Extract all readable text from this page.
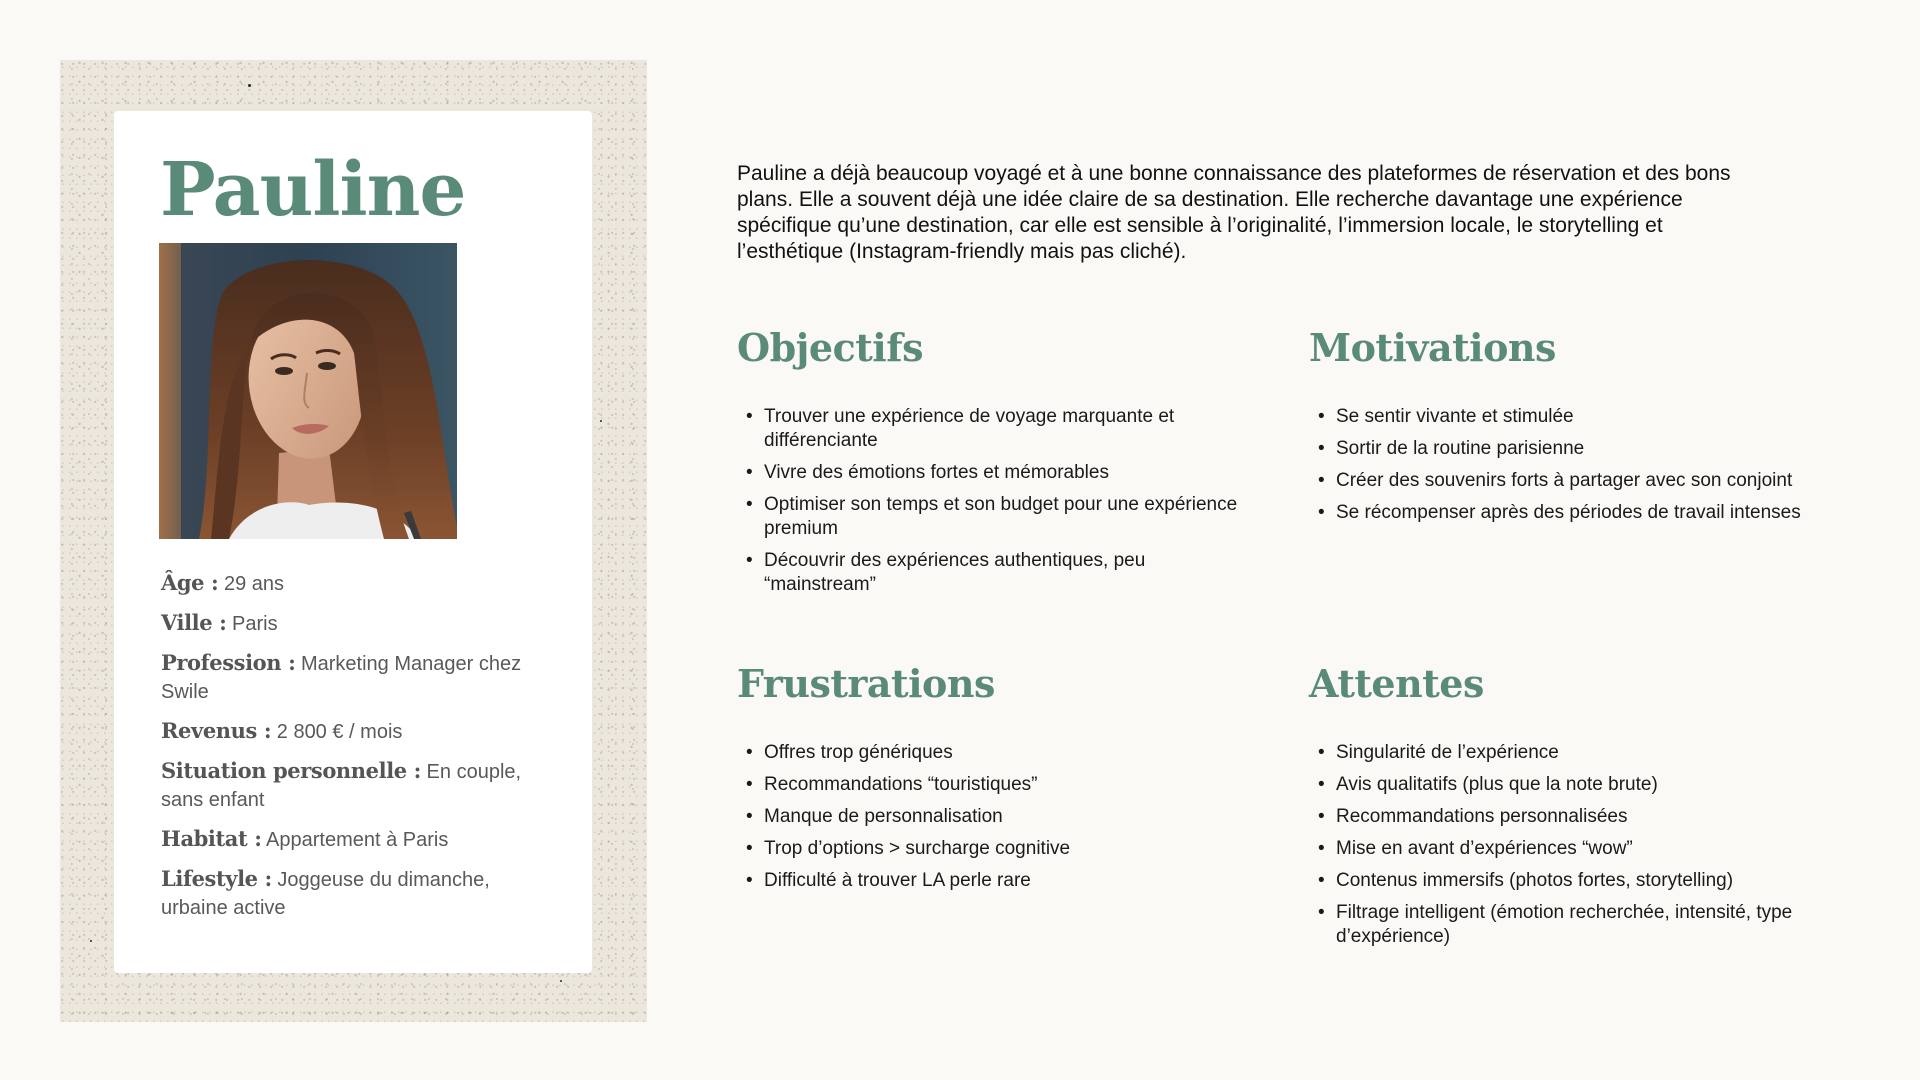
Pauline
Âge : 29 ans
Ville : Paris
Profession : Marketing Manager chez Swile
Revenus : 2 800 € / mois
Situation personnelle : En couple, sans enfant
Habitat : Appartement à Paris
Lifestyle : Joggeuse du dimanche, urbaine active

Pauline a déjà beaucoup voyagé et à une bonne connaissance des plateformes de réservation et des bons plans. Elle a souvent déjà une idée claire de sa destination. Elle recherche davantage une expérience spécifique qu’une destination, car elle est sensible à l’originalité, l’immersion locale, le storytelling et l’esthétique (Instagram-friendly mais pas cliché).

Objectifs
• Trouver une expérience de voyage marquante et différenciante
• Vivre des émotions fortes et mémorables
• Optimiser son temps et son budget pour une expérience premium
• Découvrir des expériences authentiques, peu “mainstream”
Motivations
• Se sentir vivante et stimulée
• Sortir de la routine parisienne
• Créer des souvenirs forts à partager avec son conjoint
• Se récompenser après des périodes de travail intenses
Frustrations
• Offres trop génériques
• Recommandations “touristiques”
• Manque de personnalisation
• Trop d’options > surcharge cognitive
• Difficulté à trouver LA perle rare
Attentes
• Singularité de l’expérience
• Avis qualitatifs (plus que la note brute)
• Recommandations personnalisées
• Mise en avant d’expériences “wow”
• Contenus immersifs (photos fortes, storytelling)
• Filtrage intelligent (émotion recherchée, intensité, type d’expérience)
